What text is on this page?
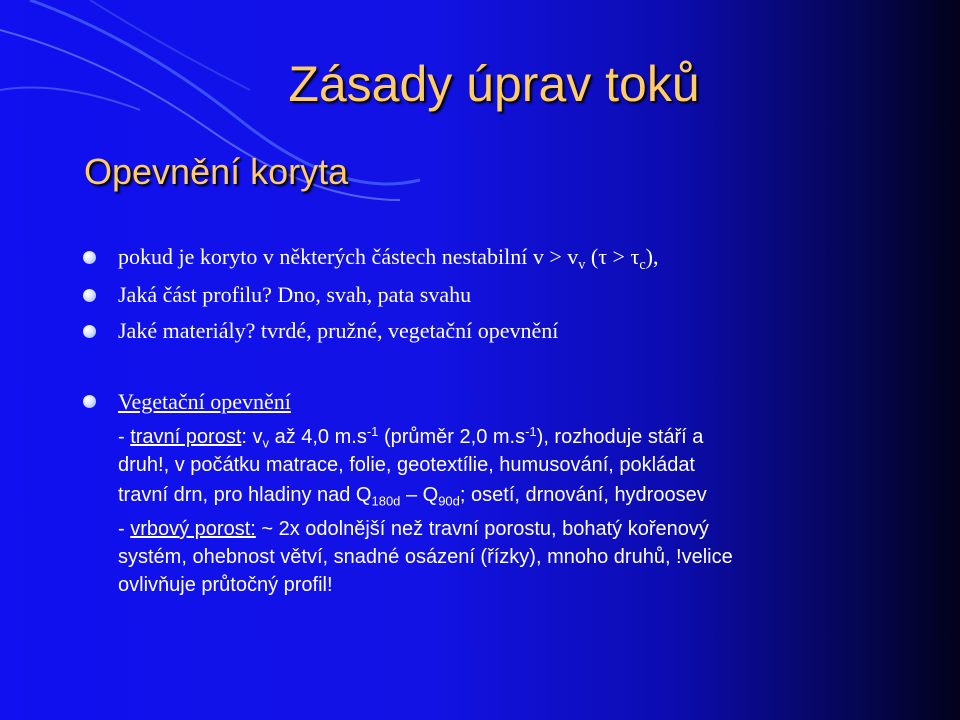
Zásady úprav toků
Opevnění koryta
pokud je koryto v některých částech nestabilní $v > v_v$ $(\tau > \tau_c)$,
Jaká část profilu? Dno, svah, pata svahu
Jaké materiály? tvrdé, pružné, vegetační opevnění
Vegetační opevnění
- travní porost: $v_v$ až 4,0 $m.s^{-1}$ (průměr 2,0 $m.s^{-1}$), rozhoduje stáří a
druh!, v počátku matrace, folie, geotextílie, humusování, pokládat
travní drn, pro hladiny nad $Q_{180d} - Q_{90d}$; osetí, drnování, hydroosev
- vrbový porost: ~ 2x odolnější než travní porostu, bohatý kořenový
systém, ohebnost větví, snadné osázení (řízky), mnoho druhů, !velice
ovlivňuje průtočný profil!
